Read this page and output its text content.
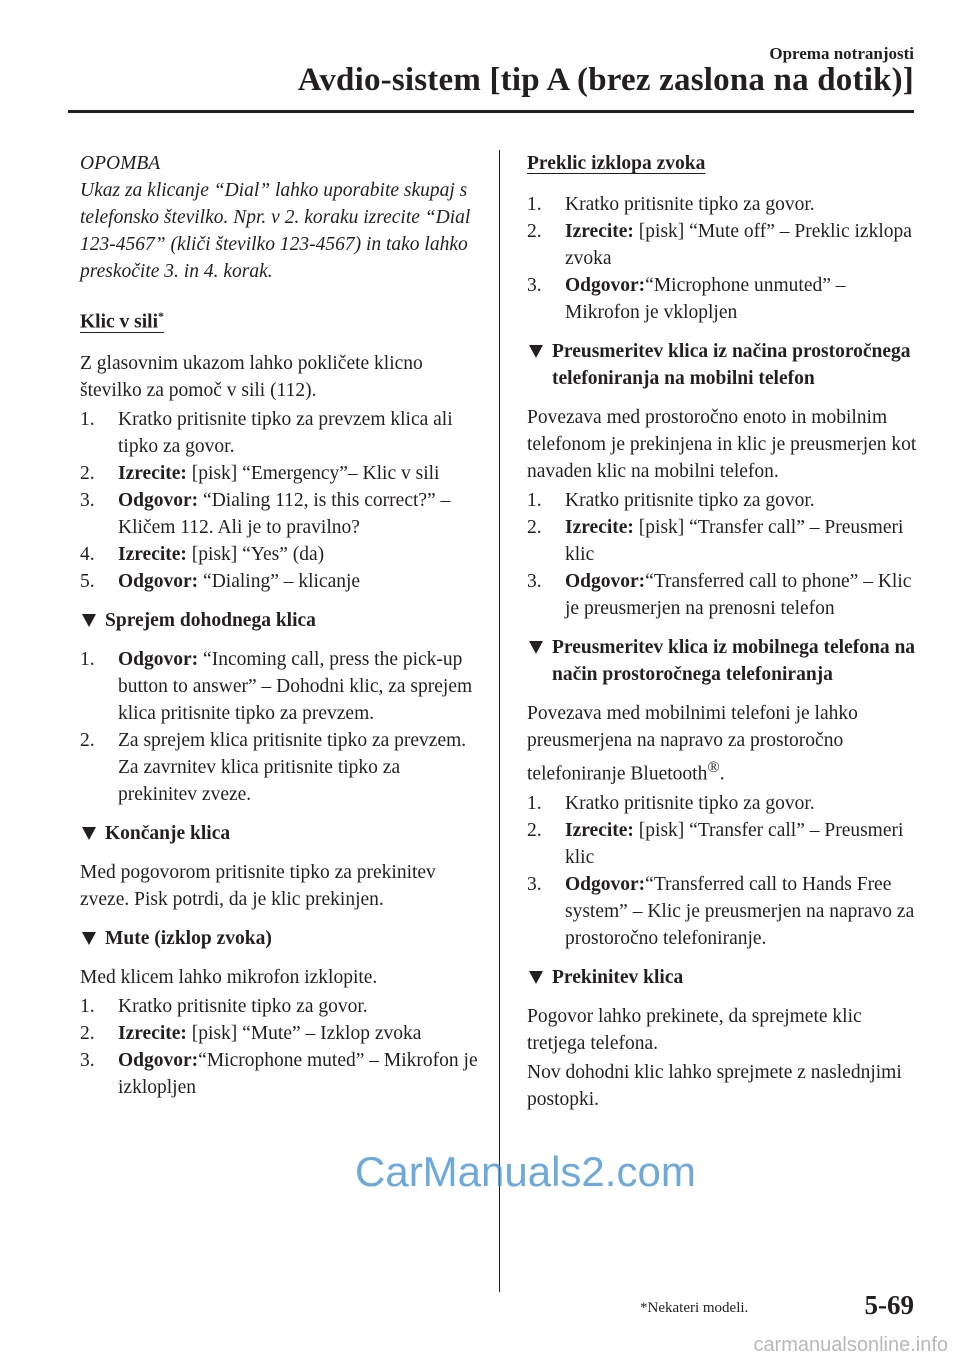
Oprema notranjosti
Avdio-sistem [tip A (brez zaslona na dotik)]
OPOMBA

Ukaz za klicanje “Dial” lahko uporabite skupaj s telefonsko številko. Npr. v 2. koraku izrecite “Dial 123-4567” (kliči številko 123-4567) in tako lahko preskočite 3. in 4. korak.

Klic v sili*

Z glasovnim ukazom lahko pokličete klicno številko za pomoč v sili (112).

1. Kratko pritisnite tipko za prevzem klica ali tipko za govor.
2. Izrecite: [pisk] “Emergency”– Klic v sili
3. Odgovor: “Dialing 112, is this correct?” – Kličem 112. Ali je to pravilno?
4. Izrecite: [pisk] “Yes” (da)
5. Odgovor: “Dialing” – klicanje
Sprejem dohodnega klica
1. Odgovor: “Incoming call, press the pick-up button to answer” – Dohodni klic, za sprejem klica pritisnite tipko za prevzem.
2. Za sprejem klica pritisnite tipko za prevzem.
Za zavrnitev klica pritisnite tipko za prekinitev zveze.
Končanje klica

Med pogovorom pritisnite tipko za prekinitev zveze. Pisk potrdi, da je klic prekinjen.

Mute (izklop zvoka)

Med klicem lahko mikrofon izklopite.

1. Kratko pritisnite tipko za govor.
2. Izrecite: [pisk] “Mute” – Izklop zvoka
3. Odgovor:“Microphone muted” – Mikrofon je izklopljen
Preklic izklopa zvoka
1. Kratko pritisnite tipko za govor.
2. Izrecite: [pisk] “Mute off” – Preklic izklopa zvoka
3. Odgovor:“Microphone unmuted” – Mikrofon je vklopljen
Preusmeritev klica iz načina prostoročnega telefoniranja na mobilni telefon

Povezava med prostoročno enoto in mobilnim telefonom je prekinjena in klic je preusmerjen kot navaden klic na mobilni telefon.

1. Kratko pritisnite tipko za govor.
2. Izrecite: [pisk] “Transfer call” – Preusmeri klic
3. Odgovor:“Transferred call to phone” – Klic je preusmerjen na prenosni telefon
Preusmeritev klica iz mobilnega telefona na način prostoročnega telefoniranja

Povezava med mobilnimi telefoni je lahko preusmerjena na napravo za prostoročno telefoniranje Bluetooth®.

1. Kratko pritisnite tipko za govor.
2. Izrecite: [pisk] “Transfer call” – Preusmeri klic
3. Odgovor:“Transferred call to Hands Free system” – Klic je preusmerjen na napravo za prostoročno telefoniranje.
Prekinitev klica

Pogovor lahko prekinete, da sprejmete klic tretjega telefona.

Nov dohodni klic lahko sprejmete z naslednjimi postopki.

CarManuals2.com
*Nekateri modeli.	5-69
carmanualsonline.info
